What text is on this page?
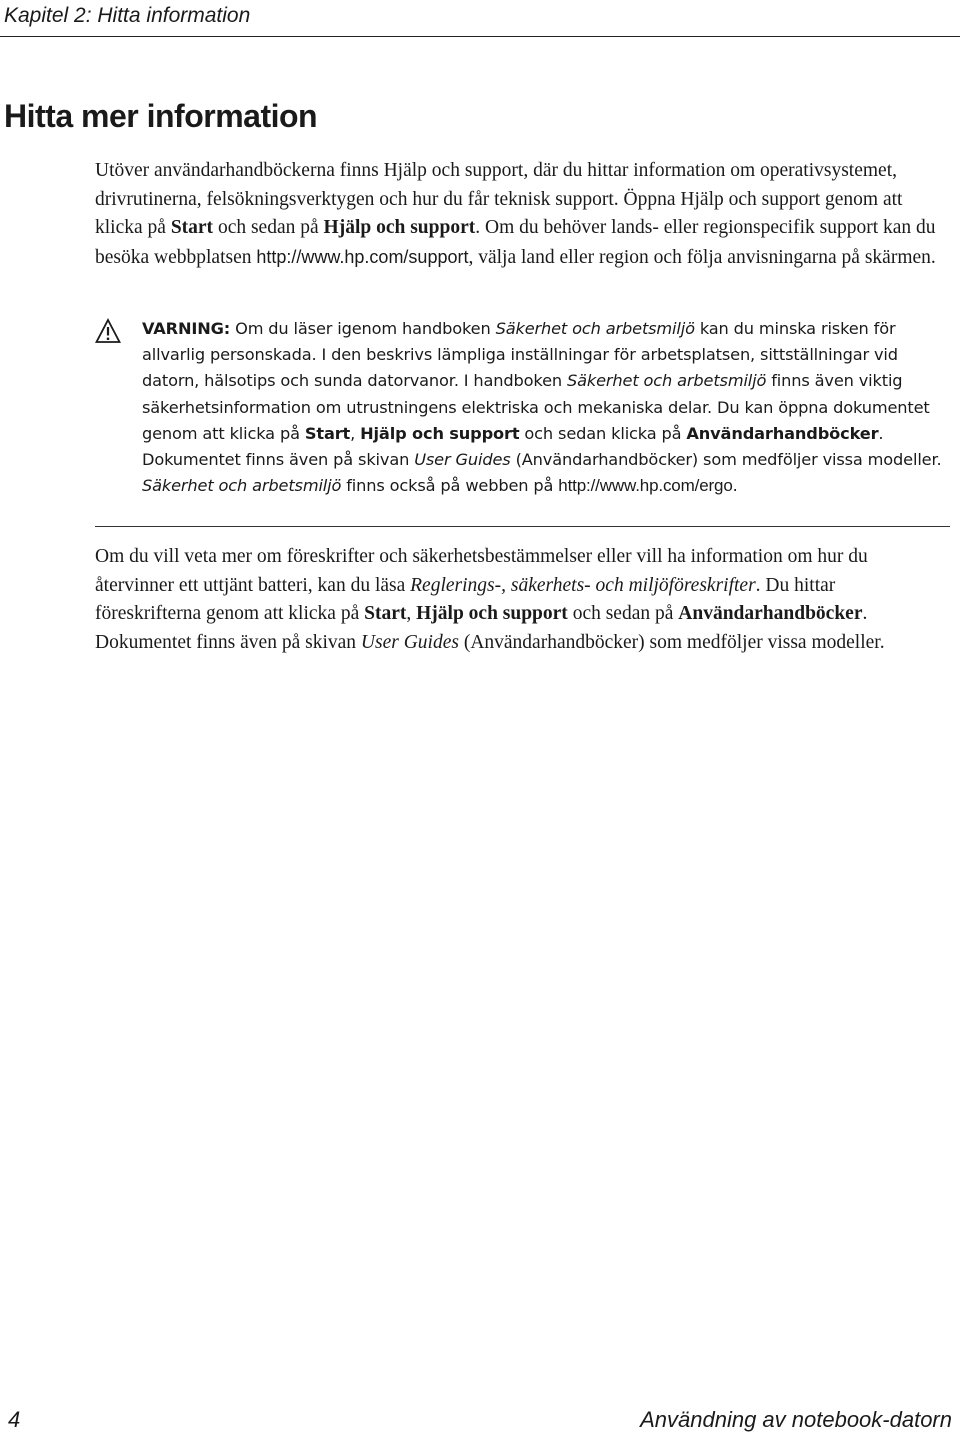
Kapitel 2: Hitta information

Hitta mer information

Utöver användarhandböckerna finns Hjälp och support, där du hittar information om operativsystemet, drivrutinerna, felsökningsverktygen och hur du får teknisk support. Öppna Hjälp och support genom att klicka på Start och sedan på Hjälp och support. Om du behöver lands- eller regionspecifik support kan du besöka webbplatsen http://www.hp.com/support, välja land eller region och följa anvisningarna på skärmen.

VARNING: Om du läser igenom handboken Säkerhet och arbetsmiljö kan du minska risken för allvarlig personskada. I den beskrivs lämpliga inställningar för arbetsplatsen, sittställningar vid datorn, hälsotips och sunda datorvanor. I handboken Säkerhet och arbetsmiljö finns även viktig säkerhetsinformation om utrustningens elektriska och mekaniska delar. Du kan öppna dokumentet genom att klicka på Start, Hjälp och support och sedan klicka på Användarhandböcker. Dokumentet finns även på skivan User Guides (Användarhandböcker) som medföljer vissa modeller. Säkerhet och arbetsmiljö finns också på webben på http://www.hp.com/ergo.

Om du vill veta mer om föreskrifter och säkerhetsbestämmelser eller vill ha information om hur du återvinner ett uttjänt batteri, kan du läsa Reglerings-, säkerhets- och miljöföreskrifter. Du hittar föreskrifterna genom att klicka på Start, Hjälp och support och sedan på Användarhandböcker. Dokumentet finns även på skivan User Guides (Användarhandböcker) som medföljer vissa modeller.

4	Användning av notebook-datorn
